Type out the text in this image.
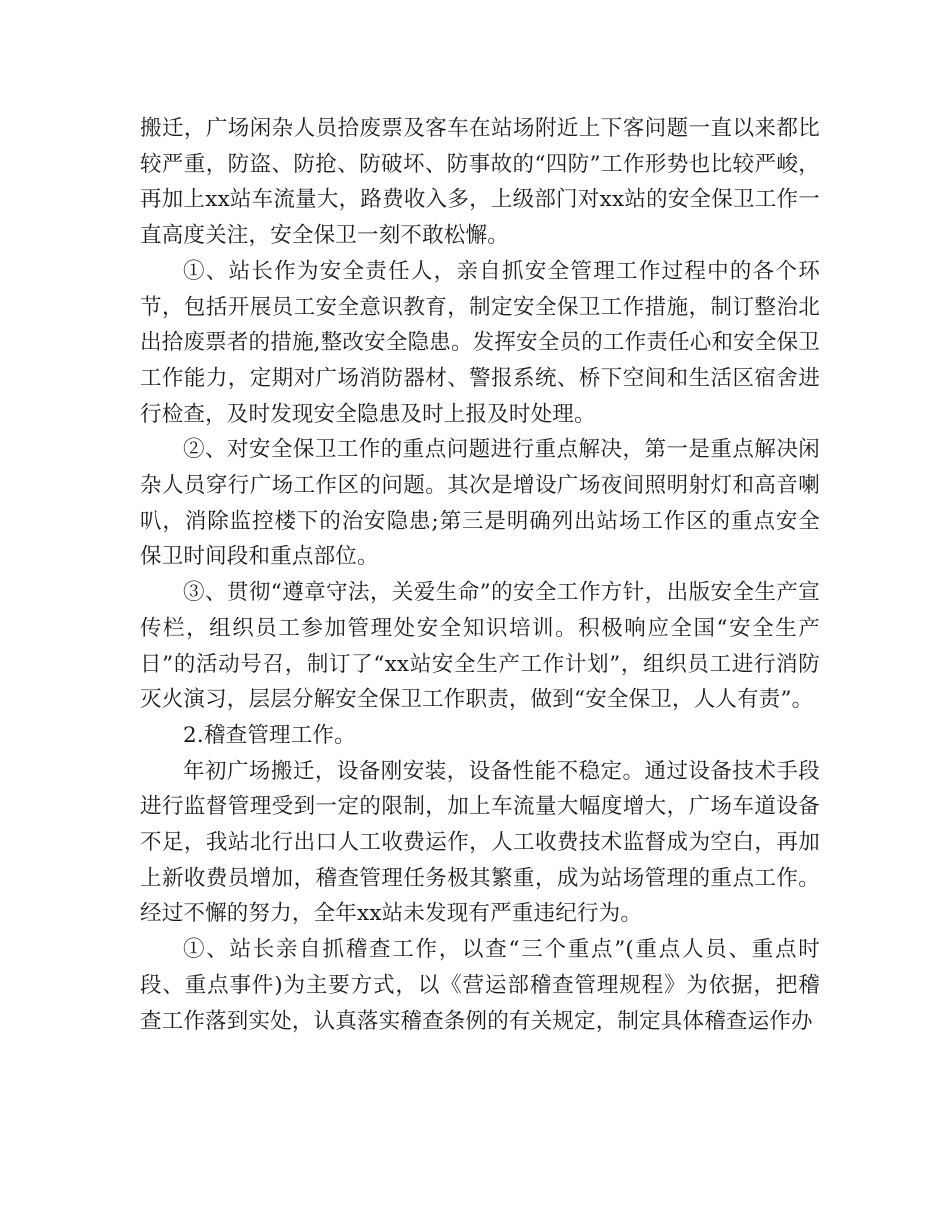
搬迁，广场闲杂人员拾废票及客车在站场附近上下客问题一直以来都比较严重，防盗、防抢、防破坏、防事故的“四防”工作形势也比较严峻，再加上xx站车流量大，路费收入多，上级部门对xx站的安全保卫工作一直高度关注，安全保卫一刻不敢松懈。

①、站长作为安全责任人，亲自抓安全管理工作过程中的各个环节，包括开展员工安全意识教育，制定安全保卫工作措施，制订整治北出拾废票者的措施,整改安全隐患。发挥安全员的工作责任心和安全保卫工作能力，定期对广场消防器材、警报系统、桥下空间和生活区宿舍进行检查，及时发现安全隐患及时上报及时处理。

②、对安全保卫工作的重点问题进行重点解决，第一是重点解决闲杂人员穿行广场工作区的问题。其次是增设广场夜间照明射灯和高音喇叭，消除监控楼下的治安隐患;第三是明确列出站场工作区的重点安全保卫时间段和重点部位。

③、贯彻“遵章守法，关爱生命”的安全工作方针，出版安全生产宣传栏，组织员工参加管理处安全知识培训。积极响应全国“安全生产日”的活动号召，制订了“xx站安全生产工作计划”，组织员工进行消防灭火演习，层层分解安全保卫工作职责，做到“安全保卫，人人有责”。

2.稽查管理工作。

年初广场搬迁，设备刚安装，设备性能不稳定。通过设备技术手段进行监督管理受到一定的限制，加上车流量大幅度增大，广场车道设备不足，我站北行出口人工收费运作，人工收费技术监督成为空白，再加上新收费员增加，稽查管理任务极其繁重，成为站场管理的重点工作。经过不懈的努力，全年xx站未发现有严重违纪行为。

①、站长亲自抓稽查工作，以查“三个重点”(重点人员、重点时段、重点事件)为主要方式，以《营运部稽查管理规程》为依据，把稽查工作落到实处，认真落实稽查条例的有关规定，制定具体稽查运作办
